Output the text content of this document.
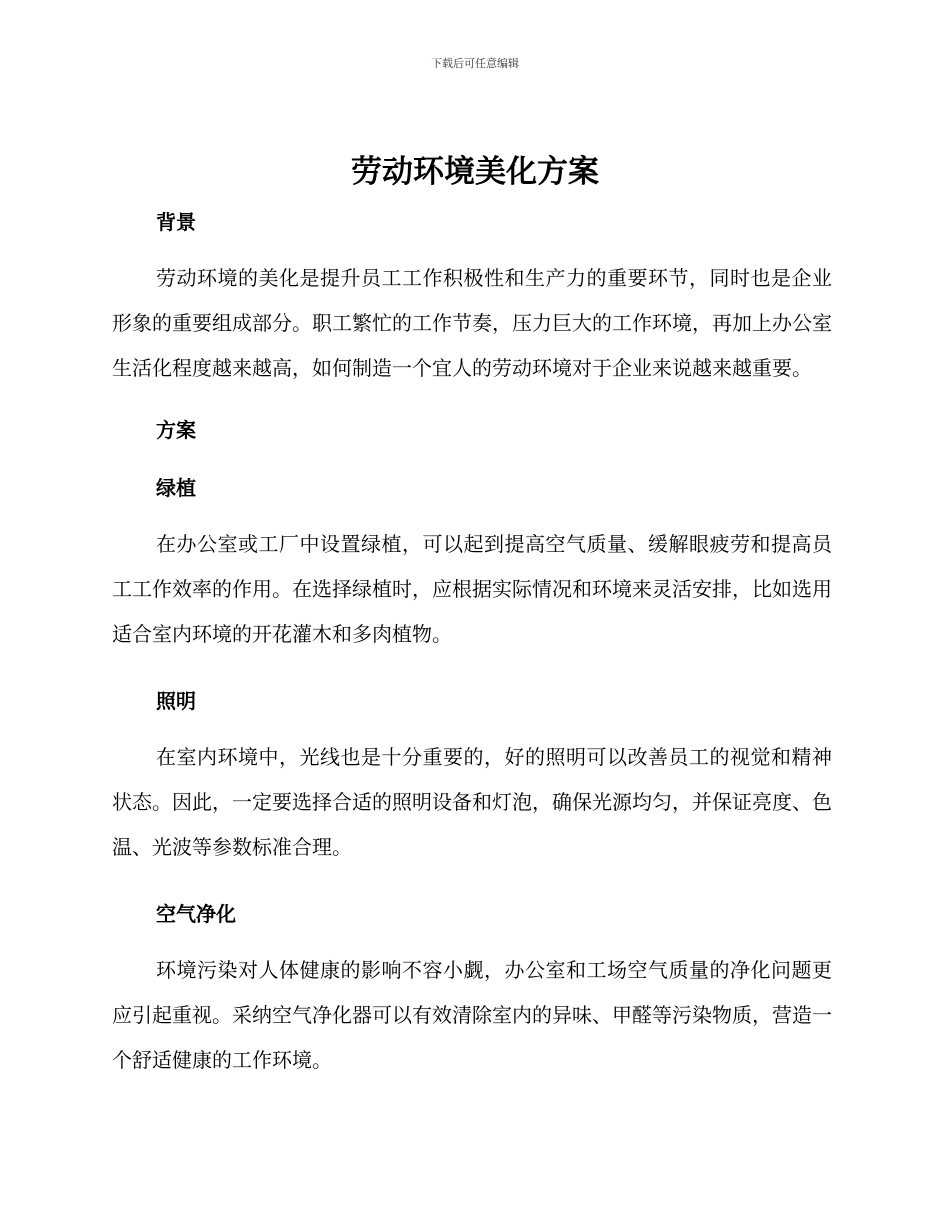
下载后可任意编辑
劳动环境美化方案
背景

劳动环境的美化是提升员工工作积极性和生产力的重要环节，同时也是企业形象的重要组成部分。职工繁忙的工作节奏，压力巨大的工作环境，再加上办公室生活化程度越来越高，如何制造一个宜人的劳动环境对于企业来说越来越重要。

方案
绿植

在办公室或工厂中设置绿植，可以起到提高空气质量、缓解眼疲劳和提高员工工作效率的作用。在选择绿植时，应根据实际情况和环境来灵活安排，比如选用适合室内环境的开花灌木和多肉植物。

照明

在室内环境中，光线也是十分重要的，好的照明可以改善员工的视觉和精神状态。因此，一定要选择合适的照明设备和灯泡，确保光源均匀，并保证亮度、色温、光波等参数标准合理。

空气净化

环境污染对人体健康的影响不容小觑，办公室和工场空气质量的净化问题更应引起重视。采纳空气净化器可以有效清除室内的异味、甲醛等污染物质，营造一个舒适健康的工作环境。
